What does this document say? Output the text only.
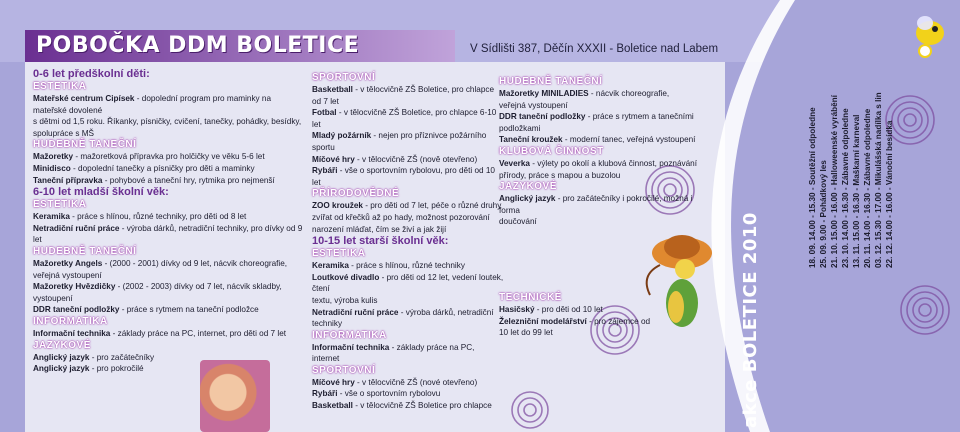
POBOČKA DDM BOLETICE	V Sídlišti 387, Děčín XXXII - Boletice nad Labem

0-6 let předškolní děti:

ESTETIKA

Mateřské centrum Cipísek - dopolední program pro maminky na mateřské dovolené

s dětmi od 1,5 roku. Říkanky, písničky, cvičení, tanečky, pohádky, besídky, spolupráce s MŠ

HUDEBNĚ TANEČNÍ

Mažoretky - mažoretková přípravka pro holčičky ve věku 5-6 let

Minidisco - dopolední tanečky a písničky pro děti a maminky

Taneční přípravka - pohybové a taneční hry, rytmika pro nejmenší

6-10 let mladší školní věk:

ESTETIKA

Keramika - práce s hlínou, různé techniky, pro děti od 8 let

Netradiční ruční práce - výroba dárků, netradiční techniky, pro dívky od 9 let

HUDEBNĚ TANEČNÍ

Mažoretky Angels - (2000 - 2001) dívky od 9 let, nácvik choreografie, veřejná vystoupení

Mažoretky Hvězdičky - (2002 - 2003) dívky od 7 let, nácvik skladby, vystoupení

DDR taneční podložky - práce s rytmem na taneční podložce

INFORMATIKA

Informační technika - základy práce na PC, internet, pro děti od 7 let

JAZYKOVÉ

Anglický jazyk - pro začátečníky

Anglický jazyk - pro pokročilé

SPORTOVNÍ

Basketball - v tělocvičně ZŠ Boletice, pro chlapce od 7 let

Fotbal - v tělocvičně ZŠ Boletice, pro chlapce 6-10 let

Mladý požárník - nejen pro příznivce požárního sportu

Míčové hry - v tělocvičně ZŠ (nově otevřeno)

Rybáři - vše o sportovním rybolovu, pro děti od 10 let

PŘÍRODOVĚDNÉ

ZOO kroužek - pro děti od 7 let, péče o různé druhy

zvířat od křečků až po hady, možnost pozorování

narození mláďat, čím se živí a jak žijí

10-15 let starší školní věk:

ESTETIKA

Keramika - práce s hlínou, různé techniky

Loutkové divadlo - pro děti od 12 let, vedení loutek, čtení

textu, výroba kulis

Netradiční ruční práce - výroba dárků, netradiční techniky

INFORMATIKA

Informační technika - základy práce na PC, internet

SPORTOVNÍ

Míčové hry - v tělocvičně ZŠ (nové otevřeno)

Rybáři - vše o sportovním rybolovu

Basketball - v tělocvičně ZŠ Boletice pro chlapce

HUDEBNĚ TANEČNÍ

Mažoretky MINILADIES - nácvik choreografie,

veřejná vystoupení

DDR taneční podložky - práce s rytmem a tanečními

podložkami

Taneční kroužek - moderní tanec, veřejná vystoupení

KLUBOVÁ ČINNOST

Veverka - výlety po okolí a klubová činnost, poznávání

přírody, práce s mapou a buzolou

JAZYKOVÉ

Anglický jazyk - pro začátečníky i pokročilé, možná i forma

doučování

TECHNICKÉ

Hasičský - pro děti od 10 let

Železniční modelářství - pro zájemce od

10 let do 99 let	akce BOLETICE 2010
18. 09. 14.00 - 15.30 - Soutěžní odpoledne 25. 09. 9.00 - Pohádkový les 21. 10. 15.00 - 16.00 - Halloweenské vyrábění 23. 10. 14.00 - 16.30 - Zábavné odpoledne 13. 11. 15.00 - 16.30 - Maškarní karneval 20. 11. 14.00 - 16.30 - Zábavné odpoledne 03. 12. 15.30 - 17.00 - Mikulášská nadílka s lin 22. 12. 14.00 - 16.00 - Vánoční besídka
